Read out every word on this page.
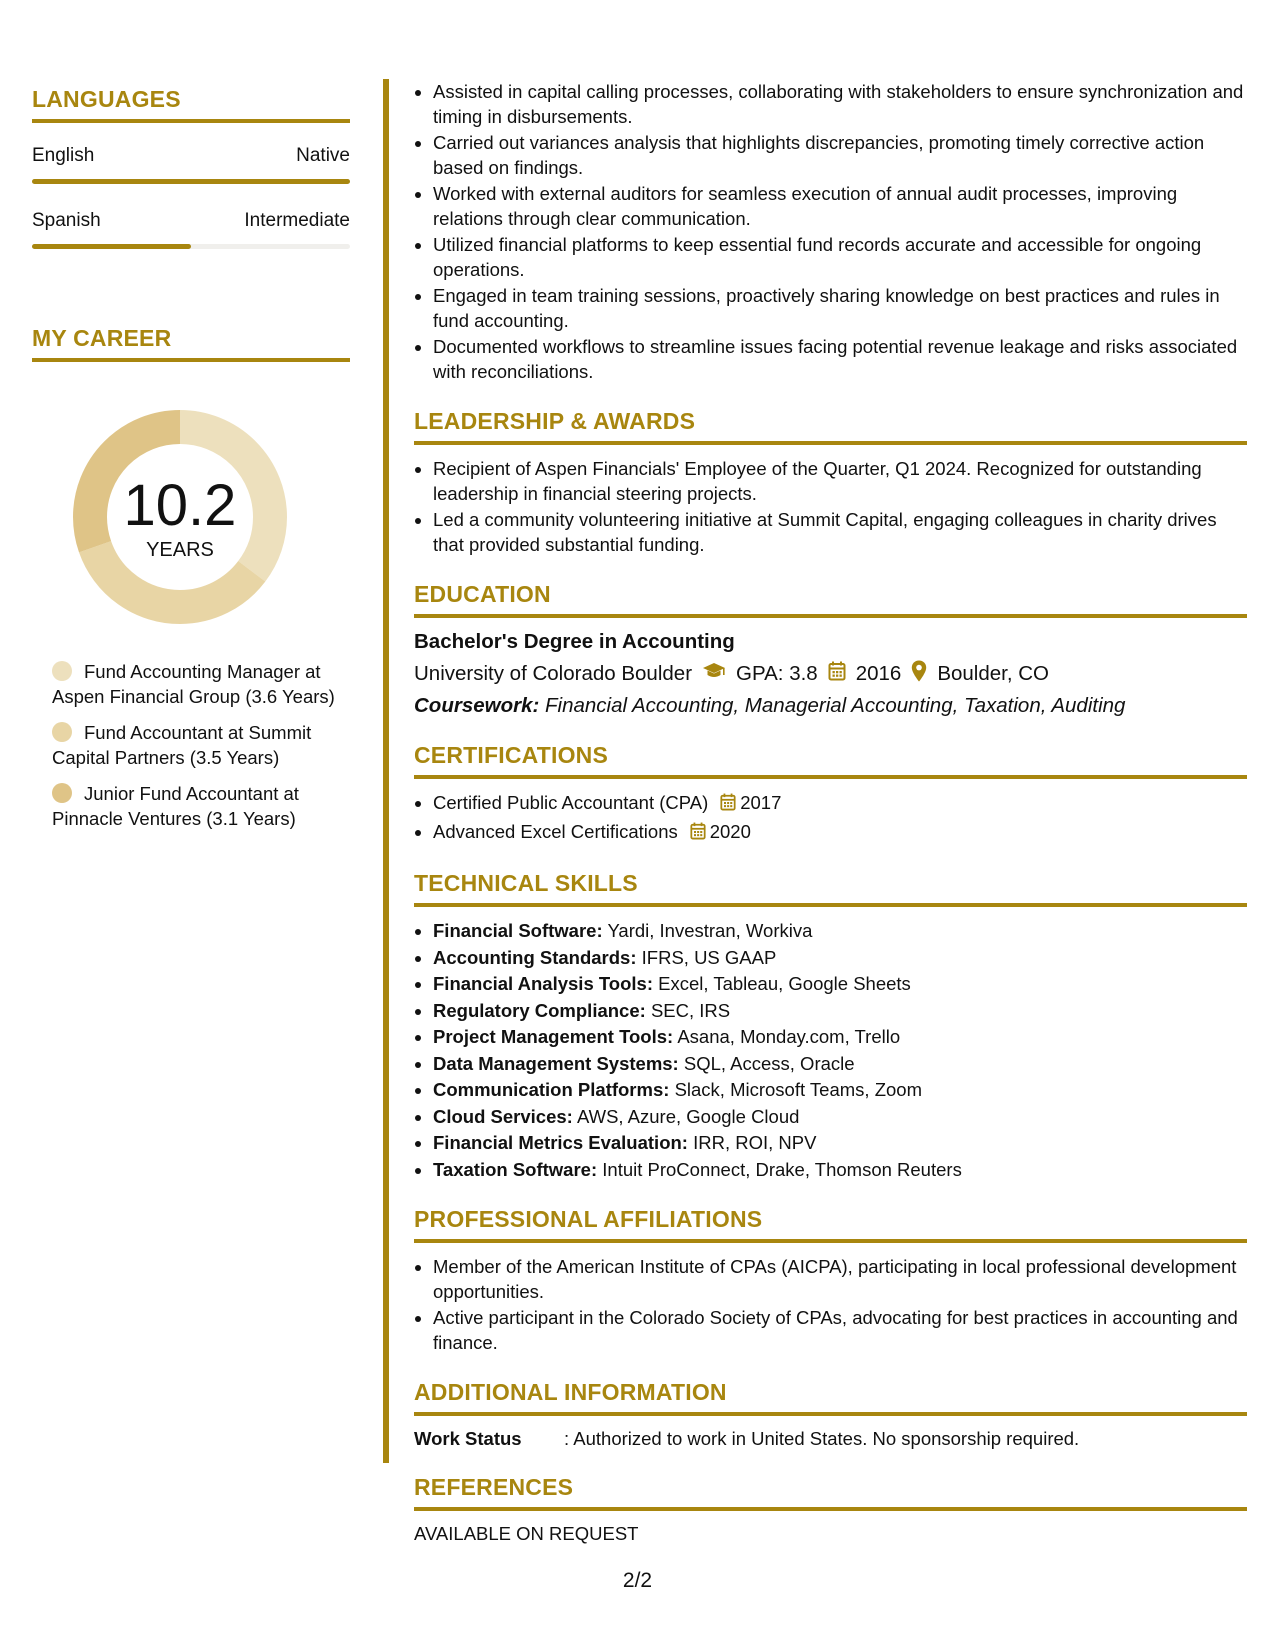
LANGUAGES
English	Native
Spanish	Intermediate
MY CAREER
10.2
YEARS
Fund Accounting Manager at Aspen Financial Group (3.6 Years)
Fund Accountant at Summit Capital Partners (3.5 Years)
Junior Fund Accountant at Pinnacle Ventures (3.1 Years)
• Assisted in capital calling processes, collaborating with stakeholders to ensure synchronization and timing in disbursements.
• Carried out variances analysis that highlights discrepancies, promoting timely corrective action based on findings.
• Worked with external auditors for seamless execution of annual audit processes, improving relations through clear communication.
• Utilized financial platforms to keep essential fund records accurate and accessible for ongoing operations.
• Engaged in team training sessions, proactively sharing knowledge on best practices and rules in fund accounting.
• Documented workflows to streamline issues facing potential revenue leakage and risks associated with reconciliations.
LEADERSHIP & AWARDS
• Recipient of Aspen Financials' Employee of the Quarter, Q1 2024. Recognized for outstanding leadership in financial steering projects.
• Led a community volunteering initiative at Summit Capital, engaging colleagues in charity drives that provided substantial funding.
EDUCATION
Bachelor's Degree in Accounting
University of Colorado Boulder GPA: 3.8 2016 Boulder, CO
Coursework: Financial Accounting, Managerial Accounting, Taxation, Auditing
CERTIFICATIONS
• Certified Public Accountant (CPA) 2017
• Advanced Excel Certifications 2020
TECHNICAL SKILLS
• Financial Software: Yardi, Investran, Workiva
• Accounting Standards: IFRS, US GAAP
• Financial Analysis Tools: Excel, Tableau, Google Sheets
• Regulatory Compliance: SEC, IRS
• Project Management Tools: Asana, Monday.com, Trello
• Data Management Systems: SQL, Access, Oracle
• Communication Platforms: Slack, Microsoft Teams, Zoom
• Cloud Services: AWS, Azure, Google Cloud
• Financial Metrics Evaluation: IRR, ROI, NPV
• Taxation Software: Intuit ProConnect, Drake, Thomson Reuters
PROFESSIONAL AFFILIATIONS
• Member of the American Institute of CPAs (AICPA), participating in local professional development opportunities.
• Active participant in the Colorado Society of CPAs, advocating for best practices in accounting and finance.
ADDITIONAL INFORMATION
Work Status	: Authorized to work in United States. No sponsorship required.
REFERENCES
AVAILABLE ON REQUEST
2/2
